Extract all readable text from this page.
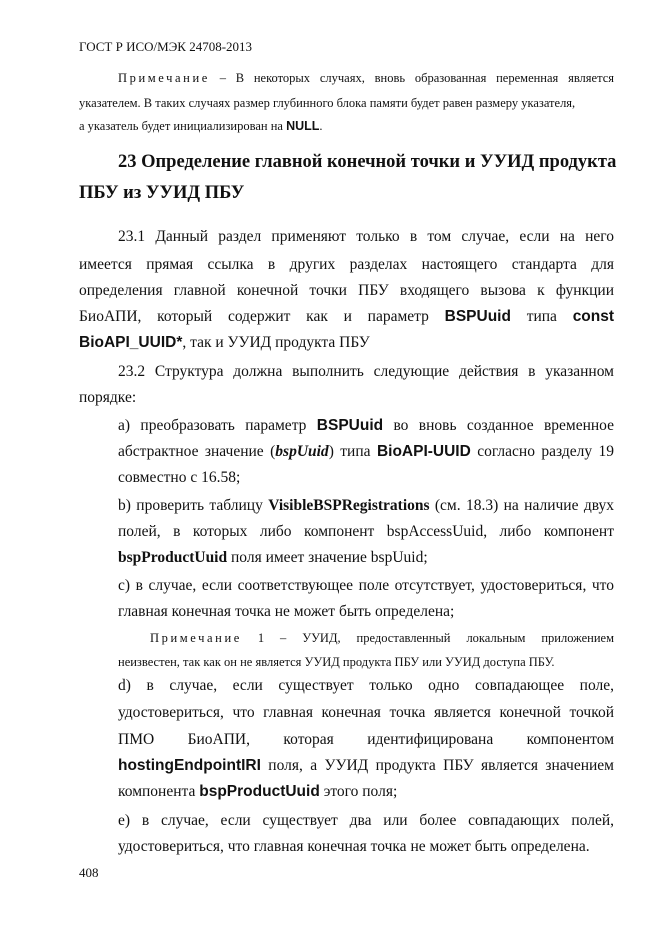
ГОСТ Р ИСО/МЭК 24708-2013
Примечание – В некоторых случаях, вновь образованная переменная является
указателем. В таких случаях размер глубинного блока памяти будет равен размеру указателя,
а указатель будет инициализирован на NULL.
23 Определение главной конечной точки и УУИД продукта
ПБУ из УУИД ПБУ
23.1 Данный раздел применяют только в том случае, если на него
имеется прямая ссылка в других разделах настоящего стандарта для
определения главной конечной точки ПБУ входящего вызова к функции
БиоАПИ, который содержит как и параметр BSPUuid типа const
BioAPI_UUID*, так и УУИД продукта ПБУ
23.2 Структура должна выполнить следующие действия в указанном
порядке:
a) преобразовать параметр BSPUuid во вновь созданное временное
абстрактное значение (bspUuid) типа BioAPI-UUID согласно разделу 19
совместно с 16.58;
b) проверить таблицу VisibleBSPRegistrations (см. 18.3) на наличие двух
полей, в которых либо компонент bspAccessUuid, либо компонент
bspProductUuid поля имеет значение bspUuid;
c) в случае, если соответствующее поле отсутствует, удостовериться, что
главная конечная точка не может быть определена;
Примечание 1 – УУИД, предоставленный локальным приложением
неизвестен, так как он не является УУИД продукта ПБУ или УУИД доступа ПБУ.
d) в случае, если существует только одно совпадающее поле,
удостовериться, что главная конечная точка является конечной точкой
ПМО БиоАПИ, которая идентифицирована компонентом
hostingEndpointIRI поля, а УУИД продукта ПБУ является значением
компонента bspProductUuid этого поля;
e) в случае, если существует два или более совпадающих полей,
удостовериться, что главная конечная точка не может быть определена.
408
